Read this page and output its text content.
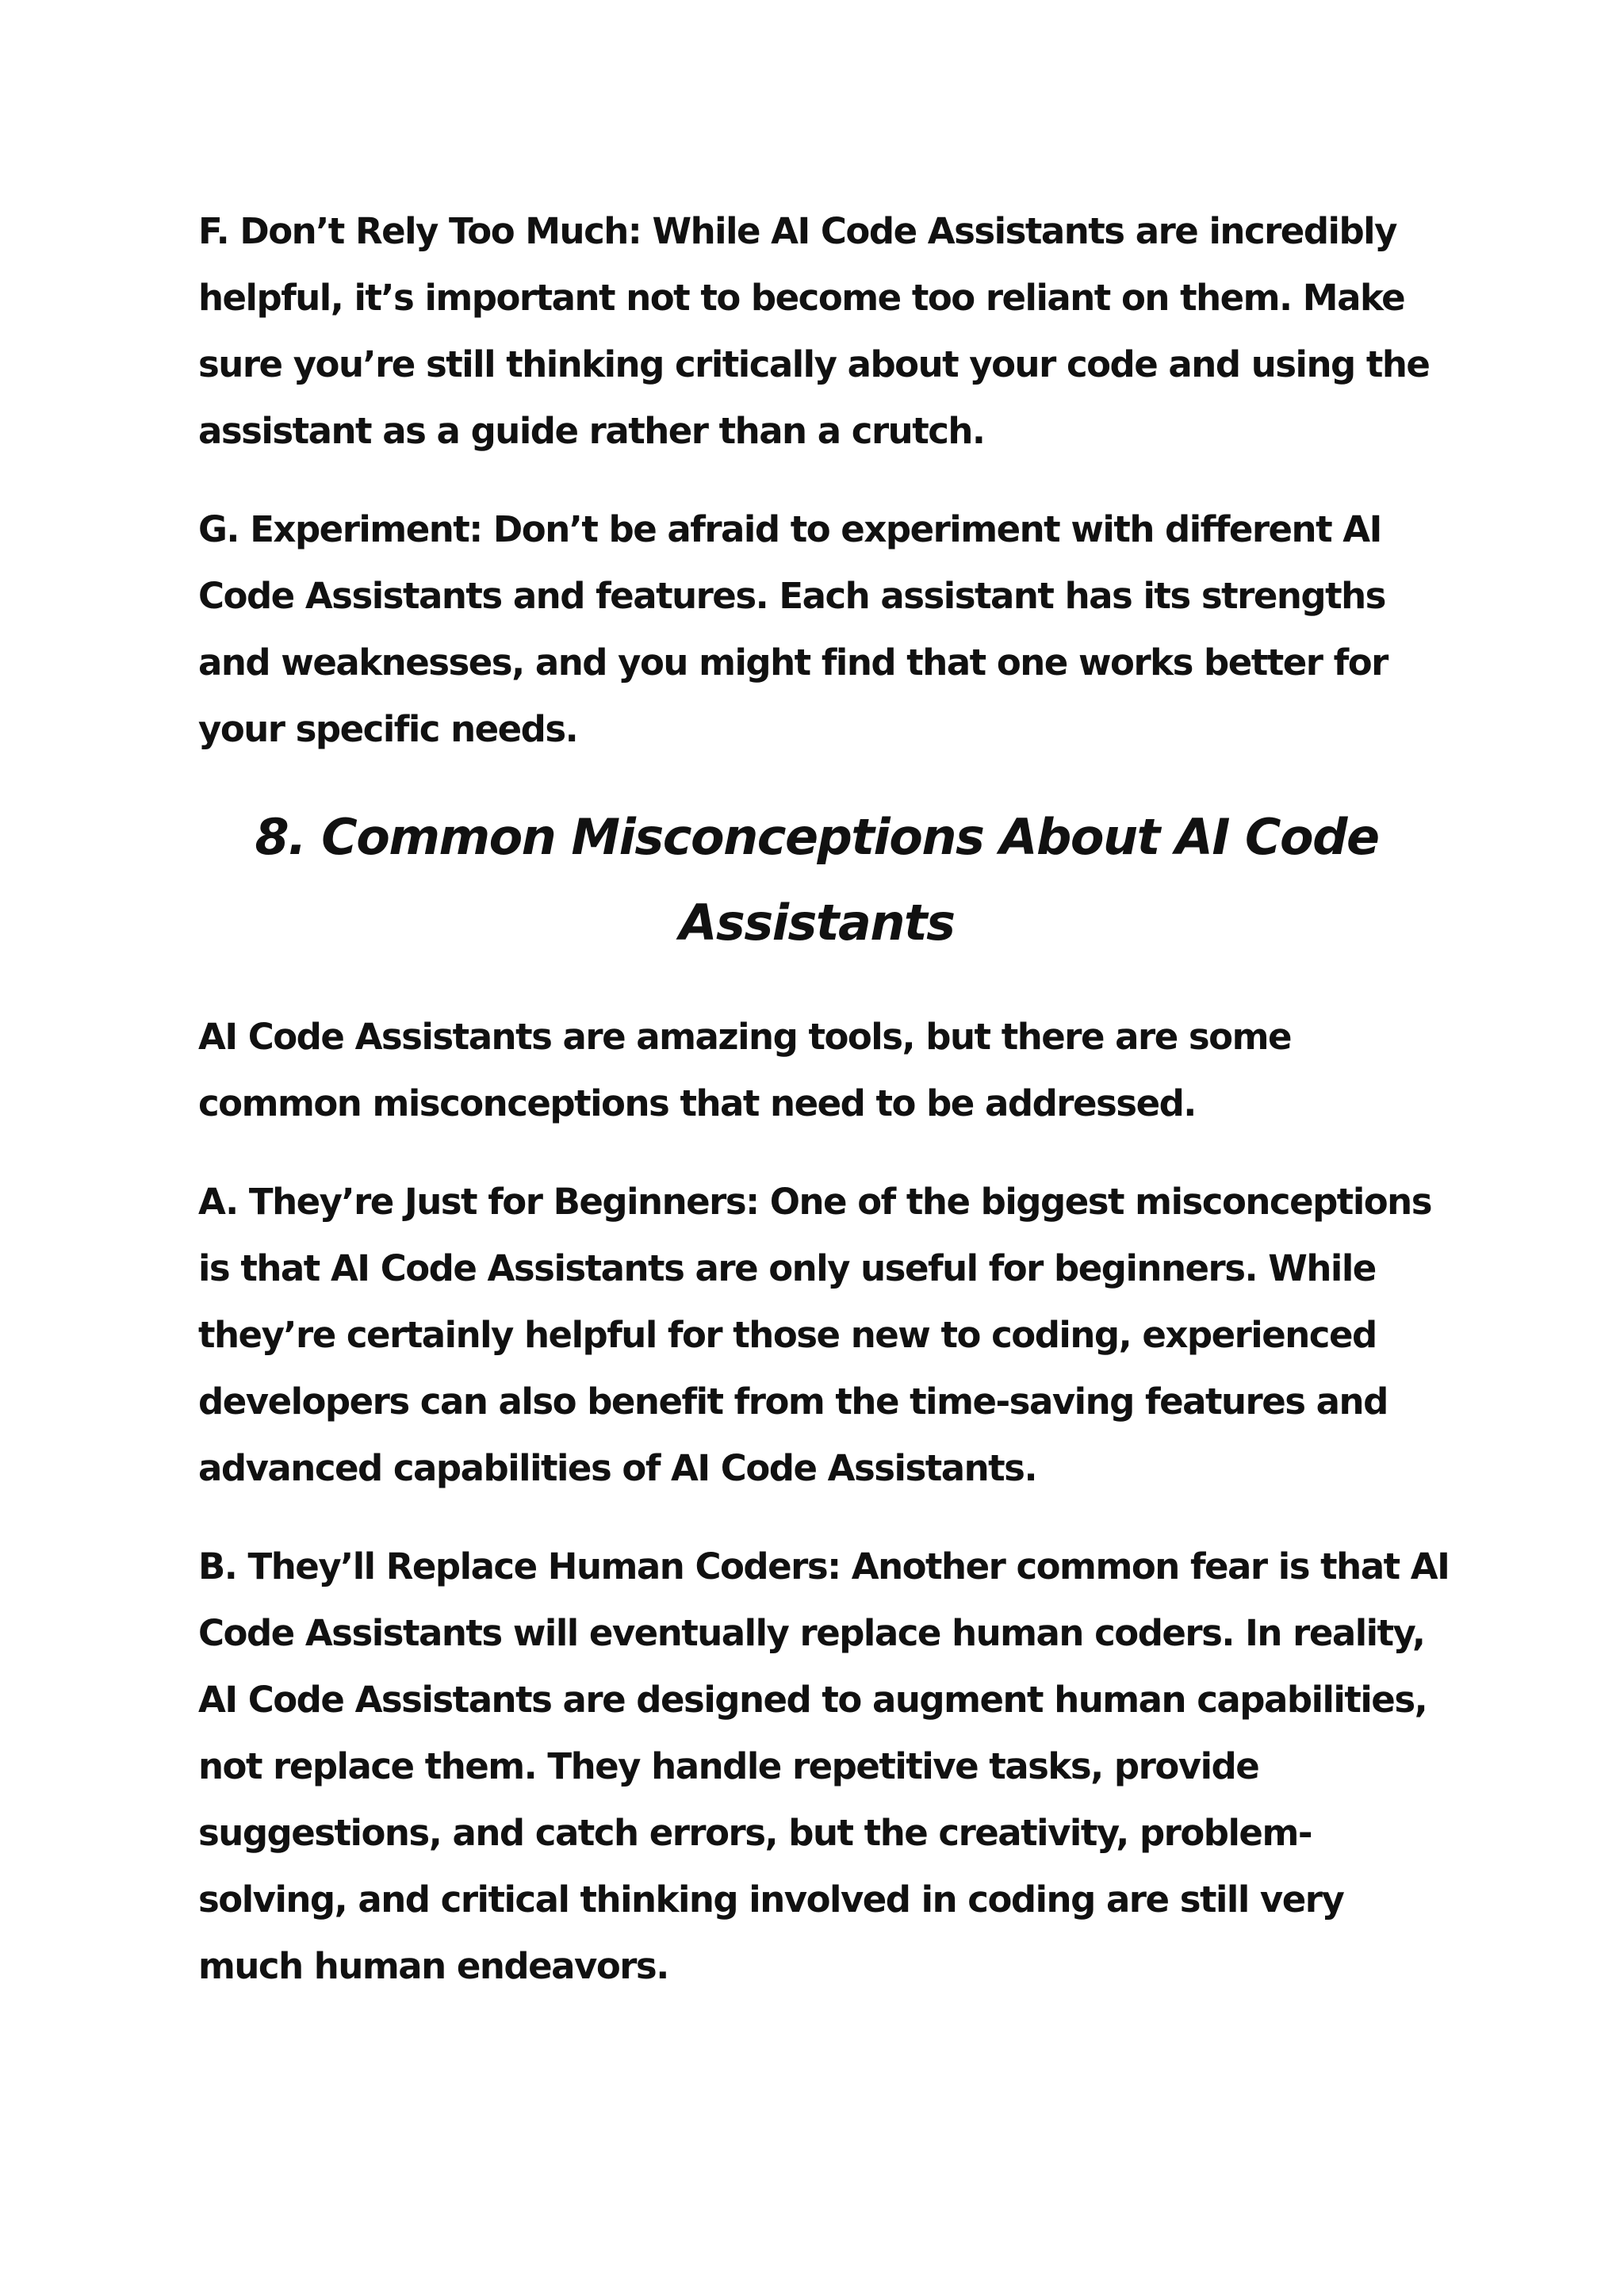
F. Don’t Rely Too Much: While AI Code Assistants are incredibly helpful, it’s important not to become too reliant on them. Make sure you’re still thinking critically about your code and using the assistant as a guide rather than a crutch.

G. Experiment: Don’t be afraid to experiment with different AI Code Assistants and features. Each assistant has its strengths and weaknesses, and you might find that one works better for your specific needs.

8. Common Misconceptions About AI Code Assistants

AI Code Assistants are amazing tools, but there are some common misconceptions that need to be addressed.

A. They’re Just for Beginners: One of the biggest misconceptions is that AI Code Assistants are only useful for beginners. While they’re certainly helpful for those new to coding, experienced developers can also benefit from the time-saving features and advanced capabilities of AI Code Assistants.

B. They’ll Replace Human Coders: Another common fear is that AI Code Assistants will eventually replace human coders. In reality, AI Code Assistants are designed to augment human capabilities, not replace them. They handle repetitive tasks, provide suggestions, and catch errors, but the creativity, problem-solving, and critical thinking involved in coding are still very much human endeavors.
